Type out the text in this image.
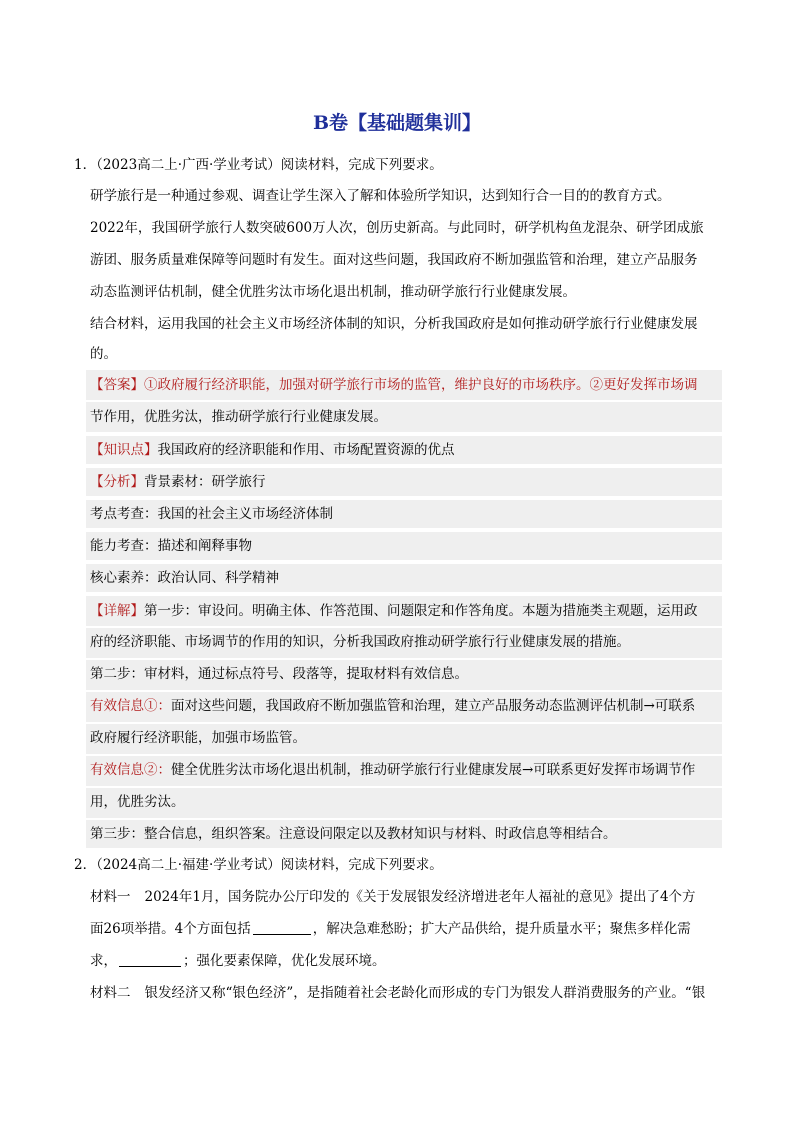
B卷【基础题集训】
1．（2023高二上·广西·学业考试）阅读材料，完成下列要求。
研学旅行是一种通过参观、调查让学生深入了解和体验所学知识，达到知行合一目的的教育方式。
2022年，我国研学旅行人数突破600万人次，创历史新高。与此同时，研学机构鱼龙混杂、研学团成旅
游团、服务质量难保障等问题时有发生。面对这些问题，我国政府不断加强监管和治理，建立产品服务
动态监测评估机制，健全优胜劣汰市场化退出机制，推动研学旅行行业健康发展。
结合材料，运用我国的社会主义市场经济体制的知识，分析我国政府是如何推动研学旅行行业健康发展
的。
【答案】①政府履行经济职能，加强对研学旅行市场的监管，维护良好的市场秩序。②更好发挥市场调
节作用，优胜劣汰，推动研学旅行行业健康发展。
【知识点】我国政府的经济职能和作用、市场配置资源的优点
【分析】背景素材：研学旅行
考点考查：我国的社会主义市场经济体制
能力考查：描述和阐释事物
核心素养：政治认同、科学精神
【详解】第一步：审设问。明确主体、作答范围、问题限定和作答角度。本题为措施类主观题，运用政
府的经济职能、市场调节的作用的知识，分析我国政府推动研学旅行行业健康发展的措施。
第二步：审材料，通过标点符号、段落等，提取材料有效信息。
有效信息①：面对这些问题，我国政府不断加强监管和治理，建立产品服务动态监测评估机制→可联系
政府履行经济职能，加强市场监管。
有效信息②：健全优胜劣汰市场化退出机制，推动研学旅行行业健康发展→可联系更好发挥市场调节作
用，优胜劣汰。
第三步：整合信息，组织答案。注意设问限定以及教材知识与材料、时政信息等相结合。
2．（2024高二上·福建·学业考试）阅读材料，完成下列要求。
材料一 2024年1月，国务院办公厅印发的《关于发展银发经济增进老年人福祉的意见》提出了4个方
面26项举措。4个方面包括	，解决急难愁盼；扩大产品供给，提升质量水平；聚焦多样化需
求，	；强化要素保障，优化发展环境。
材料二 银发经济又称“银色经济”，是指随着社会老龄化而形成的专门为银发人群消费服务的产业。“银
